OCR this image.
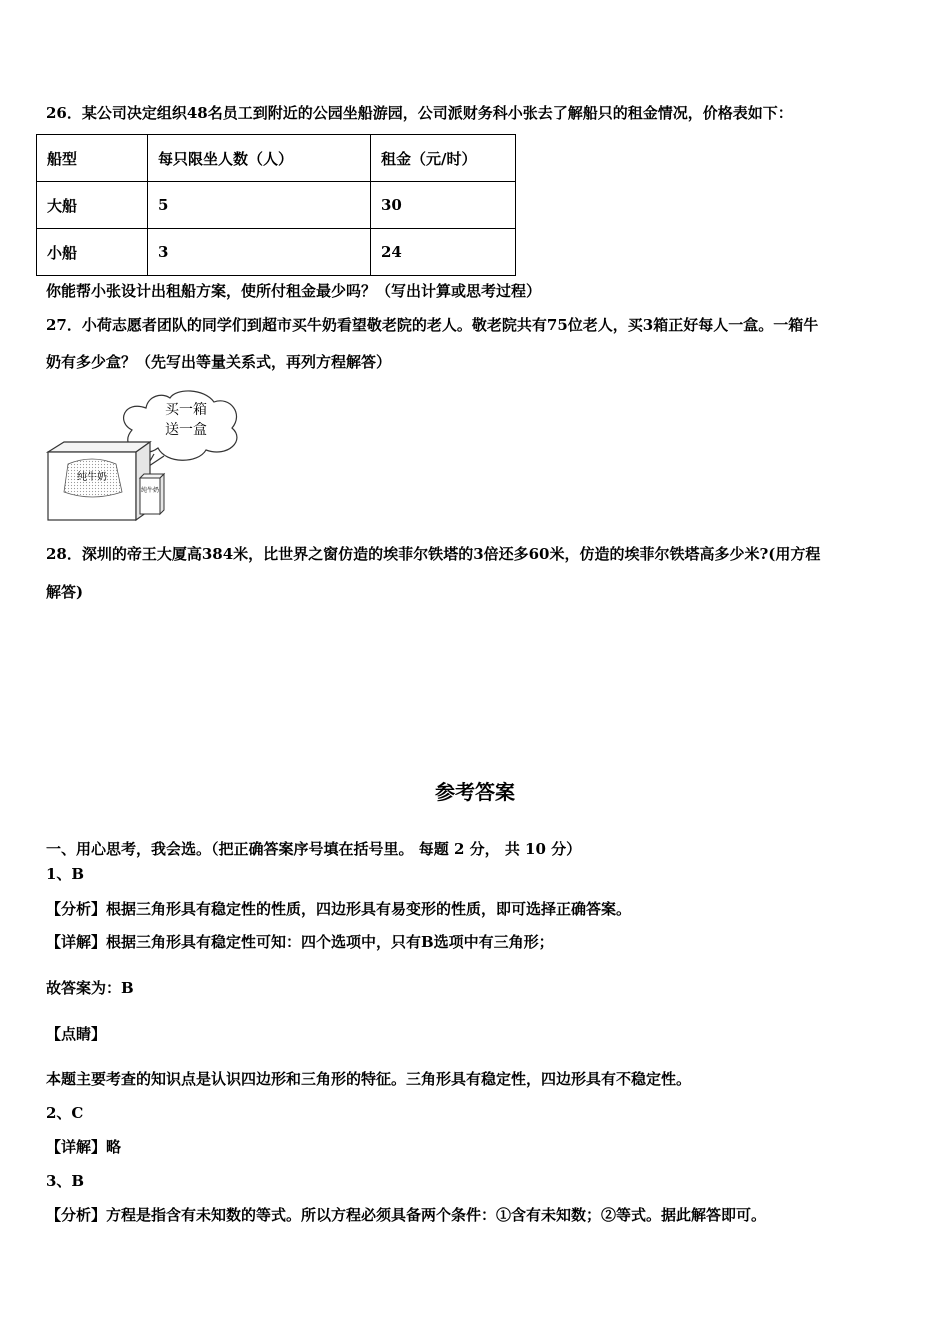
26．某公司决定组织48名员工到附近的公园坐船游园，公司派财务科小张去了解船只的租金情况，价格表如下：
船型	每只限坐人数（人）	租金（元/时）
大船	5	30
小船	3	24
你能帮小张设计出租船方案，使所付租金最少吗？（写出计算或思考过程）
27．小荷志愿者团队的同学们到超市买牛奶看望敬老院的老人。敬老院共有75位老人，买3箱正好每人一盒。一箱牛
奶有多少盒？（先写出等量关系式，再列方程解答）
买一箱
送一盒
纯牛奶
纯牛奶
28．深圳的帝王大厦高384米，比世界之窗仿造的埃菲尔铁塔的3倍还多60米，仿造的埃菲尔铁塔高多少米?(用方程
解答)
参考答案
一、用心思考，我会选。（把正确答案序号填在括号里。 每题 2 分， 共 10 分）
1、B
【分析】根据三角形具有稳定性的性质，四边形具有易变形的性质，即可选择正确答案。
【详解】根据三角形具有稳定性可知：四个选项中，只有B选项中有三角形；
故答案为：B
【点睛】
本题主要考查的知识点是认识四边形和三角形的特征。三角形具有稳定性，四边形具有不稳定性。
2、C
【详解】略
3、B
【分析】方程是指含有未知数的等式。所以方程必须具备两个条件：①含有未知数；②等式。据此解答即可。
